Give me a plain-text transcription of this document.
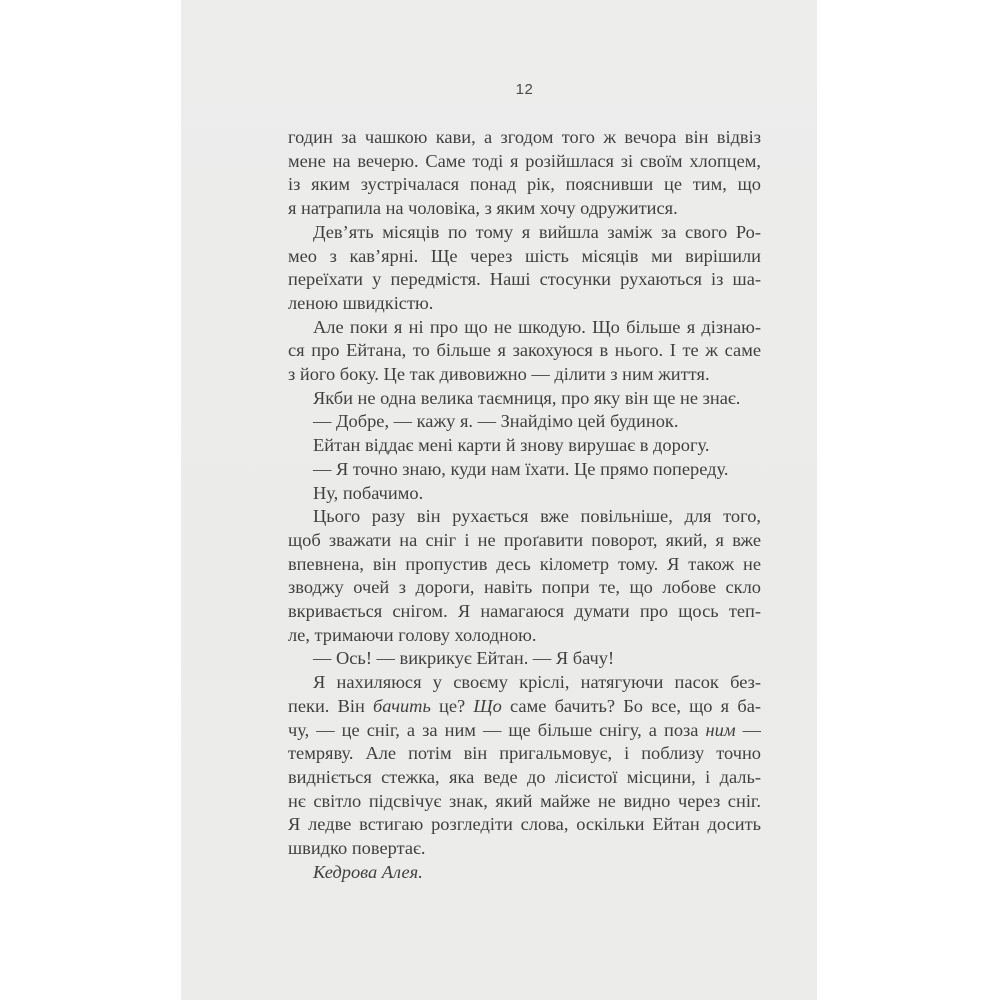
12
годин за чашкою кави, а згодом того ж вечора він відвіз
мене на вечерю. Саме тоді я розійшлася зі своїм хлопцем,
із яким зустрічалася понад рік, пояснивши це тим, що
я натрапила на чоловіка, з яким хочу одружитися.
Дев’ять місяців по тому я вийшла заміж за свого Ро-
мео з кав’ярні. Ще через шість місяців ми вирішили
переїхати у передмістя. Наші стосунки рухаються із ша-
леною швидкістю.
Але поки я ні про що не шкодую. Що більше я дізнаю-
ся про Ейтана, то більше я закохуюся в нього. І те ж саме
з його боку. Це так дивовижно — ділити з ним життя.
Якби не одна велика таємниця, про яку він ще не знає.
— Добре, — кажу я. — Знайдімо цей будинок.
Ейтан віддає мені карти й знову вирушає в дорогу.
— Я точно знаю, куди нам їхати. Це прямо попереду.
Ну, побачимо.
Цього разу він рухається вже повільніше, для того,
щоб зважати на сніг і не проґавити поворот, який, я вже
впевнена, він пропустив десь кілометр тому. Я також не
зводжу очей з дороги, навіть попри те, що лобове скло
вкривається снігом. Я намагаюся думати про щось теп-
ле, тримаючи голову холодною.
— Ось! — викрикує Ейтан. — Я бачу!
Я нахиляюся у своєму кріслі, натягуючи пасок без-
пеки. Він бачить це? Що саме бачить? Бо все, що я ба-
чу, — це сніг, а за ним — ще більше снігу, а поза ним —
темряву. Але потім він пригальмовує, і поблизу точно
видніється стежка, яка веде до лісистої місцини, і даль-
нє світло підсвічує знак, який майже не видно через сніг.
Я ледве встигаю розгледіти слова, оскільки Ейтан досить
швидко повертає.
Кедрова Алея.
